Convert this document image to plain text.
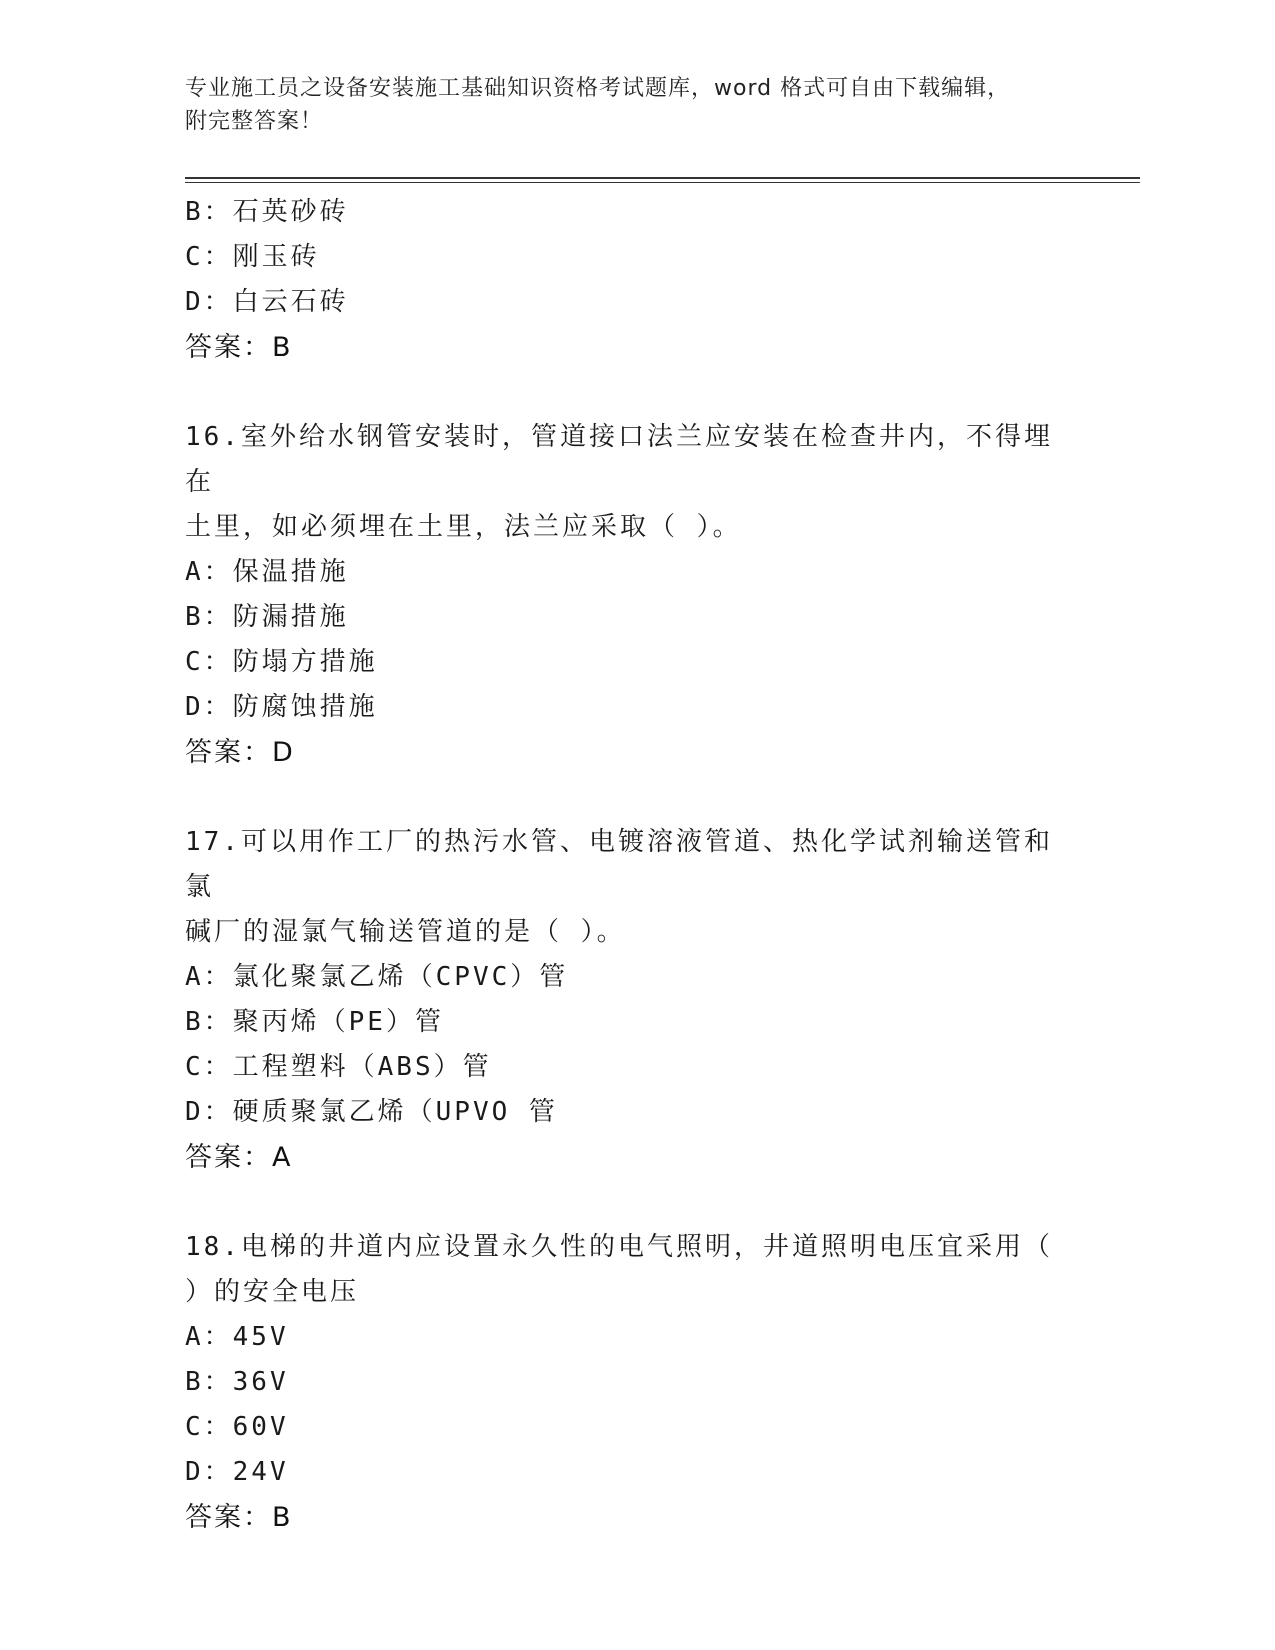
专业施工员之设备安装施工基础知识资格考试题库，word 格式可自由下载编辑，
附完整答案！

B：石英砂砖

C：刚玉砖

D：白云石砖

答案：B

16.室外给水钢管安装时，管道接口法兰应安装在检查井内，不得埋在

土里，如必须埋在土里，法兰应采取（ ）。

A：保温措施

B：防漏措施

C：防塌方措施

D：防腐蚀措施

答案：D

17.可以用作工厂的热污水管、电镀溶液管道、热化学试剂输送管和氯

碱厂的湿氯气输送管道的是（ ）。

A：氯化聚氯乙烯（CPVC）管

B：聚丙烯（PE）管

C：工程塑料（ABS）管

D：硬质聚氯乙烯（UPVO 管

答案：A

18.电梯的井道内应设置永久性的电气照明，井道照明电压宜采用（

）的安全电压

A：45V

B：36V

C：60V

D：24V

答案：B
